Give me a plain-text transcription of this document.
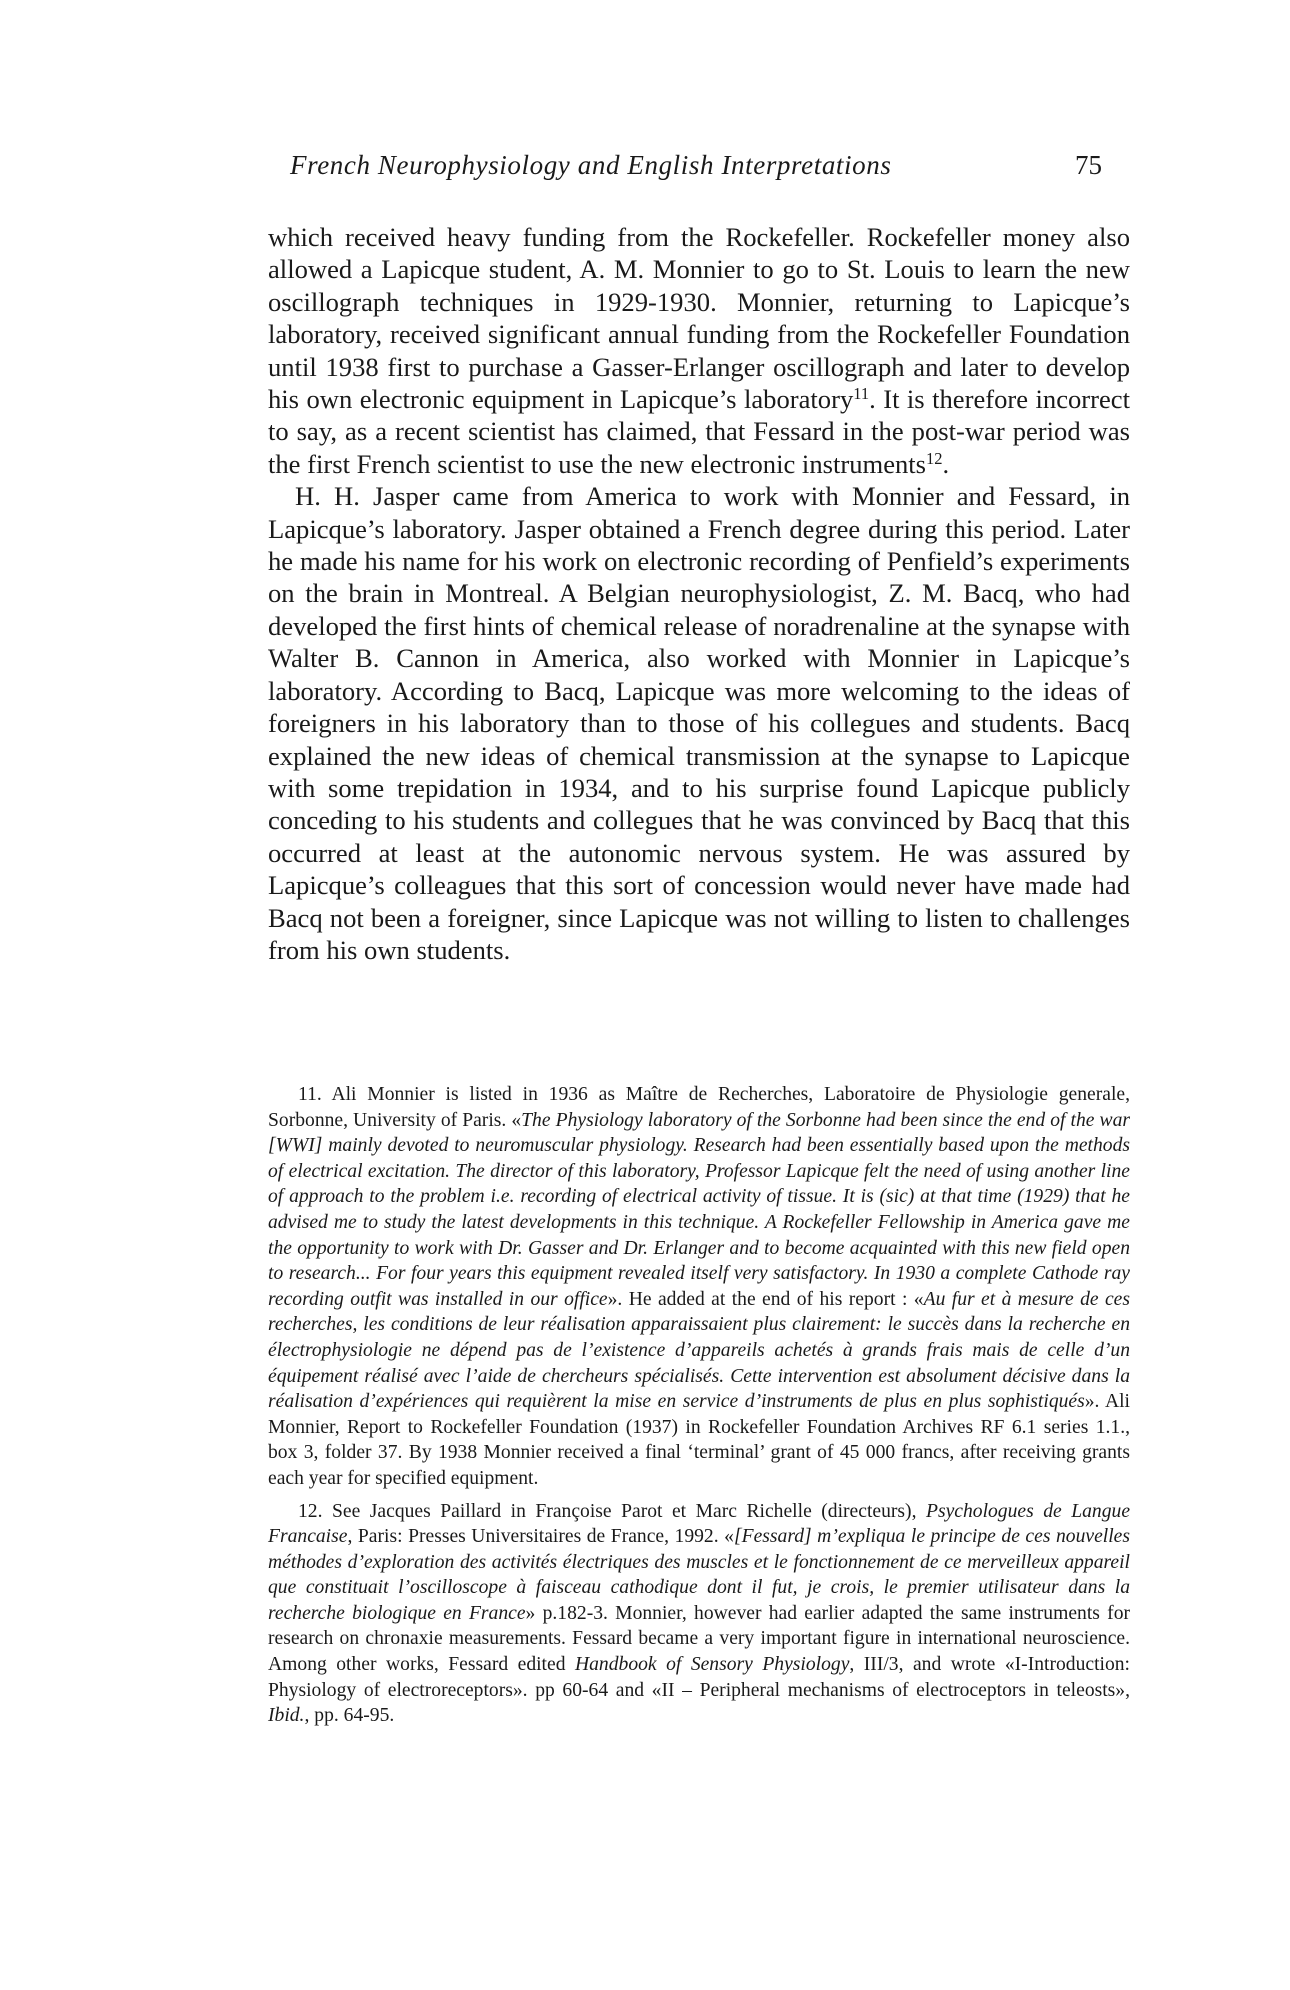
French Neurophysiology and English Interpretations	75

which received heavy funding from the Rockefeller. Rockefeller money also allowed a Lapicque student, A. M. Monnier to go to St. Louis to learn the new oscillograph techniques in 1929-1930. Monnier, returning to Lapicque’s laboratory, received significant annual funding from the Rockefeller Foundation until 1938 first to purchase a Gasser-Erlanger oscillograph and later to develop his own electronic equipment in Lapicque’s laboratory$^{11}$. It is therefore incorrect to say, as a recent scientist has claimed, that Fessard in the post-war period was the first French scientist to use the new electronic instruments$^{12}$.

H. H. Jasper came from America to work with Monnier and Fessard, in Lapicque’s laboratory. Jasper obtained a French degree during this period. Later he made his name for his work on electronic recording of Penfield’s experiments on the brain in Montreal. A Belgian neurophysiologist, Z. M. Bacq, who had developed the first hints of chemical release of noradrenaline at the synapse with Walter B. Cannon in America, also worked with Monnier in Lapicque’s laboratory. According to Bacq, Lapicque was more welcoming to the ideas of foreigners in his laboratory than to those of his collegues and students. Bacq explained the new ideas of chemical transmission at the synapse to Lapicque with some trepidation in 1934, and to his surprise found Lapicque publicly conceding to his students and collegues that he was convinced by Bacq that this occurred at least at the autonomic nervous system. He was assured by Lapicque’s colleagues that this sort of concession would never have made had Bacq not been a foreigner, since Lapicque was not willing to listen to challenges from his own students.

11. Ali Monnier is listed in 1936 as Maître de Recherches, Laboratoire de Physiologie generale, Sorbonne, University of Paris. «The Physiology laboratory of the Sorbonne had been since the end of the war [WWI] mainly devoted to neuromuscular physiology. Research had been essentially based upon the methods of electrical excitation. The director of this laboratory, Professor Lapicque felt the need of using another line of approach to the problem i.e. recording of electrical activity of tissue. It is (sic) at that time (1929) that he advised me to study the latest developments in this technique. A Rockefeller Fellowship in America gave me the opportunity to work with Dr. Gasser and Dr. Erlanger and to become acquainted with this new field open to research... For four years this equipment revealed itself very satisfactory. In 1930 a complete Cathode ray recording outfit was installed in our office». He added at the end of his report : «Au fur et à mesure de ces recherches, les conditions de leur réalisation apparaissaient plus clairement: le succès dans la recherche en électrophysiologie ne dépend pas de l’existence d’appareils achetés à grands frais mais de celle d’un équipement réalisé avec l’aide de chercheurs spécialisés. Cette intervention est absolument décisive dans la réalisation d’expériences qui requièrent la mise en service d’instruments de plus en plus sophistiqués». Ali Monnier, Report to Rockefeller Foundation (1937) in Rockefeller Foundation Archives RF 6.1 series 1.1., box 3, folder 37. By 1938 Monnier received a final ‘terminal’ grant of 45 000 francs, after receiving grants each year for specified equipment.

12. See Jacques Paillard in Françoise Parot et Marc Richelle (directeurs), Psychologues de Langue Francaise, Paris: Presses Universitaires de France, 1992. «[Fessard] m’expliqua le principe de ces nouvelles méthodes d’exploration des activités électriques des muscles et le fonctionnement de ce merveilleux appareil que constituait l’oscilloscope à faisceau cathodique dont il fut, je crois, le premier utilisateur dans la recherche biologique en France» p.182-3. Monnier, however had earlier adapted the same instruments for research on chronaxie measurements. Fessard became a very important figure in international neuroscience. Among other works, Fessard edited Handbook of Sensory Physiology, III/3, and wrote «I-Introduction: Physiology of electroreceptors». pp 60-64 and «II – Peripheral mechanisms of electroceptors in teleosts», Ibid., pp. 64-95.
